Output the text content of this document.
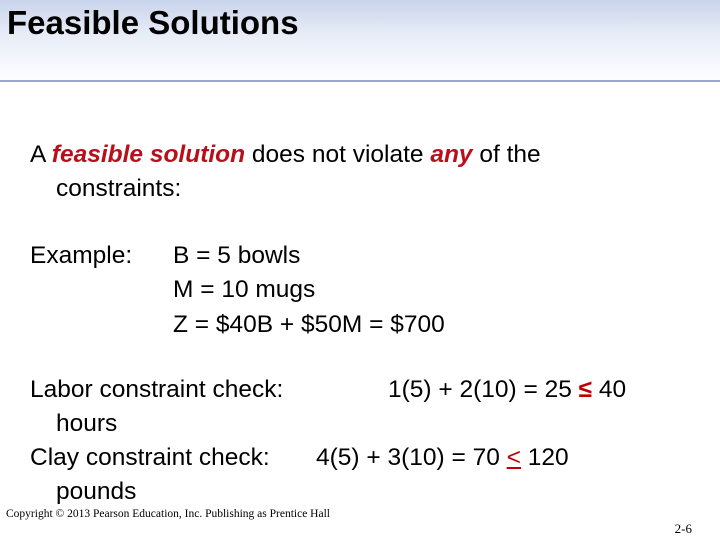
Feasible Solutions
A feasible solution does not violate any of the
constraints:
Example: B = 5 bowls
M = 10 mugs
Z = $40B + $50M = $700
Labor constraint check:	1(5) + 2(10) = 25 ≤ 40
hours
Clay constraint check: 4(5) + 3(10) = 70 < 120
pounds
Copyright © 2013 Pearson Education, Inc. Publishing as Prentice Hall
2-6
